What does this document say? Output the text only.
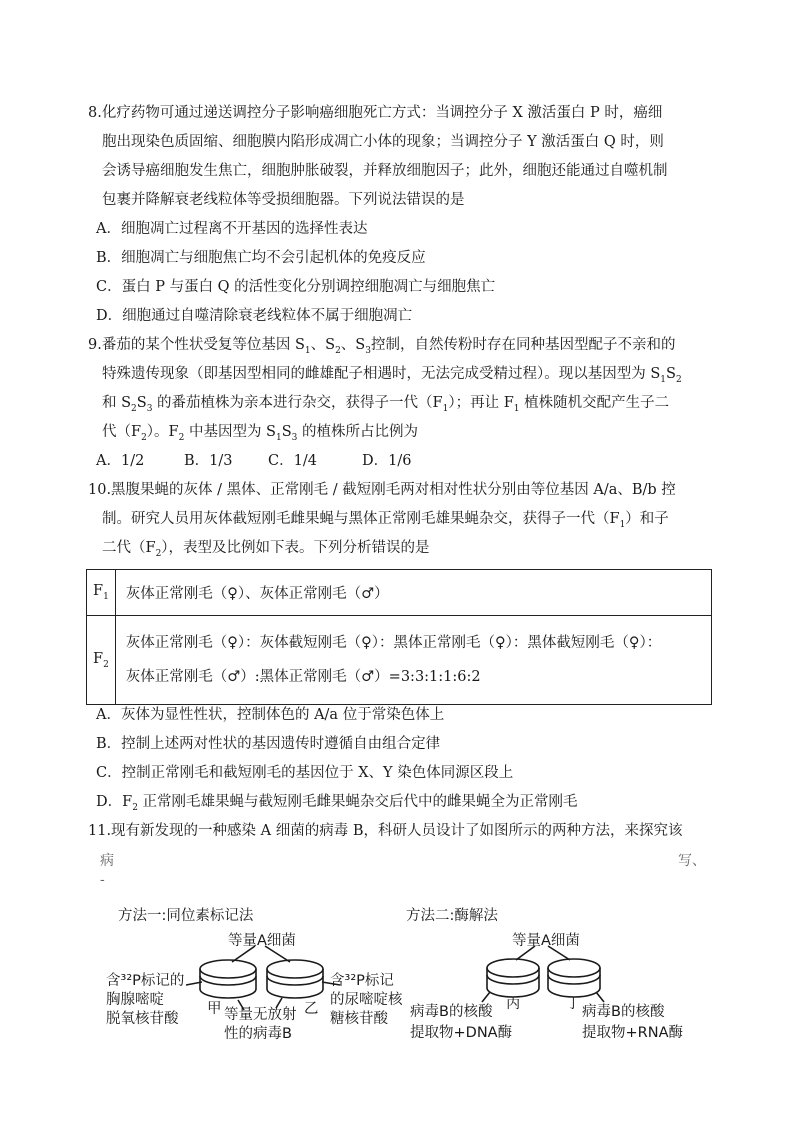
8.化疗药物可通过递送调控分子影响癌细胞死亡方式：当调控分子 X 激活蛋白 P 时，癌细
胞出现染色质固缩、细胞膜内陷形成凋亡小体的现象；当调控分子 Y 激活蛋白 Q 时，则
会诱导癌细胞发生焦亡，细胞肿胀破裂，并释放细胞因子；此外，细胞还能通过自噬机制
包裹并降解衰老线粒体等受损细胞器。下列说法错误的是
A．细胞凋亡过程离不开基因的选择性表达
B．细胞凋亡与细胞焦亡均不会引起机体的免疫反应
C．蛋白 P 与蛋白 Q 的活性变化分别调控细胞凋亡与细胞焦亡
D．细胞通过自噬清除衰老线粒体不属于细胞凋亡
9.番茄的某个性状受复等位基因 $S_1$、$S_2$、$S_3$控制，自然传粉时存在同种基因型配子不亲和的
特殊遗传现象（即基因型相同的雌雄配子相遇时，无法完成受精过程）。现以基因型为 $S_1S_2$
和 $S_2S_3$ 的番茄植株为亲本进行杂交，获得子一代$(F_1)$；再让 $F_1$ 植株随机交配产生子二
代$(F_2)$。$F_2$ 中基因型为 $S_1S_3$ 的植株所占比例为
A．1/2	B．1/3 C．1/4	D．1/6
10.黑腹果蝇的灰体 / 黑体、正常刚毛 / 截短刚毛两对相对性状分别由等位基因 A/a、B/b 控
制。研究人员用灰体截短刚毛雌果蝇与黑体正常刚毛雄果蝇杂交，获得子一代$(F_1)$和子
二代$(F_2)$，表型及比例如下表。下列分析错误的是
$F_1$	灰体正常刚毛（♀）、灰体正常刚毛（♂）
$F_2$	灰体正常刚毛（♀）：灰体截短刚毛（♀）：黑体正常刚毛（♀）：黑体截短刚毛（♀）：
灰体正常刚毛（♂）:黑体正常刚毛（♂）=3:3:1:1:6:2
A．灰体为显性性状，控制体色的 A/a 位于常染色体上
B．控制上述两对性状的基因遗传时遵循自由组合定律
C．控制正常刚毛和截短刚毛的基因位于 X、Y 染色体同源区段上
D．$F_2$ 正常刚毛雄果蝇与截短刚毛雌果蝇杂交后代中的雌果蝇全为正常刚毛
11.现有新发现的一种感染 A 细菌的病毒 B，科研人员设计了如图所示的两种方法，来探究该
病	写、
-
方法一:同位素标记法	方法二:酶解法
等量A细菌
含³²P标记的
胸腺嘧啶
脱氧核苷酸
甲	乙
等量无放射
性的病毒B
含³²P标记
的尿嘧啶核
糖核苷酸
等量A细菌
丙	丁
病毒B的核酸
提取物+DNA酶
病毒B的核酸
提取物+RNA酶
